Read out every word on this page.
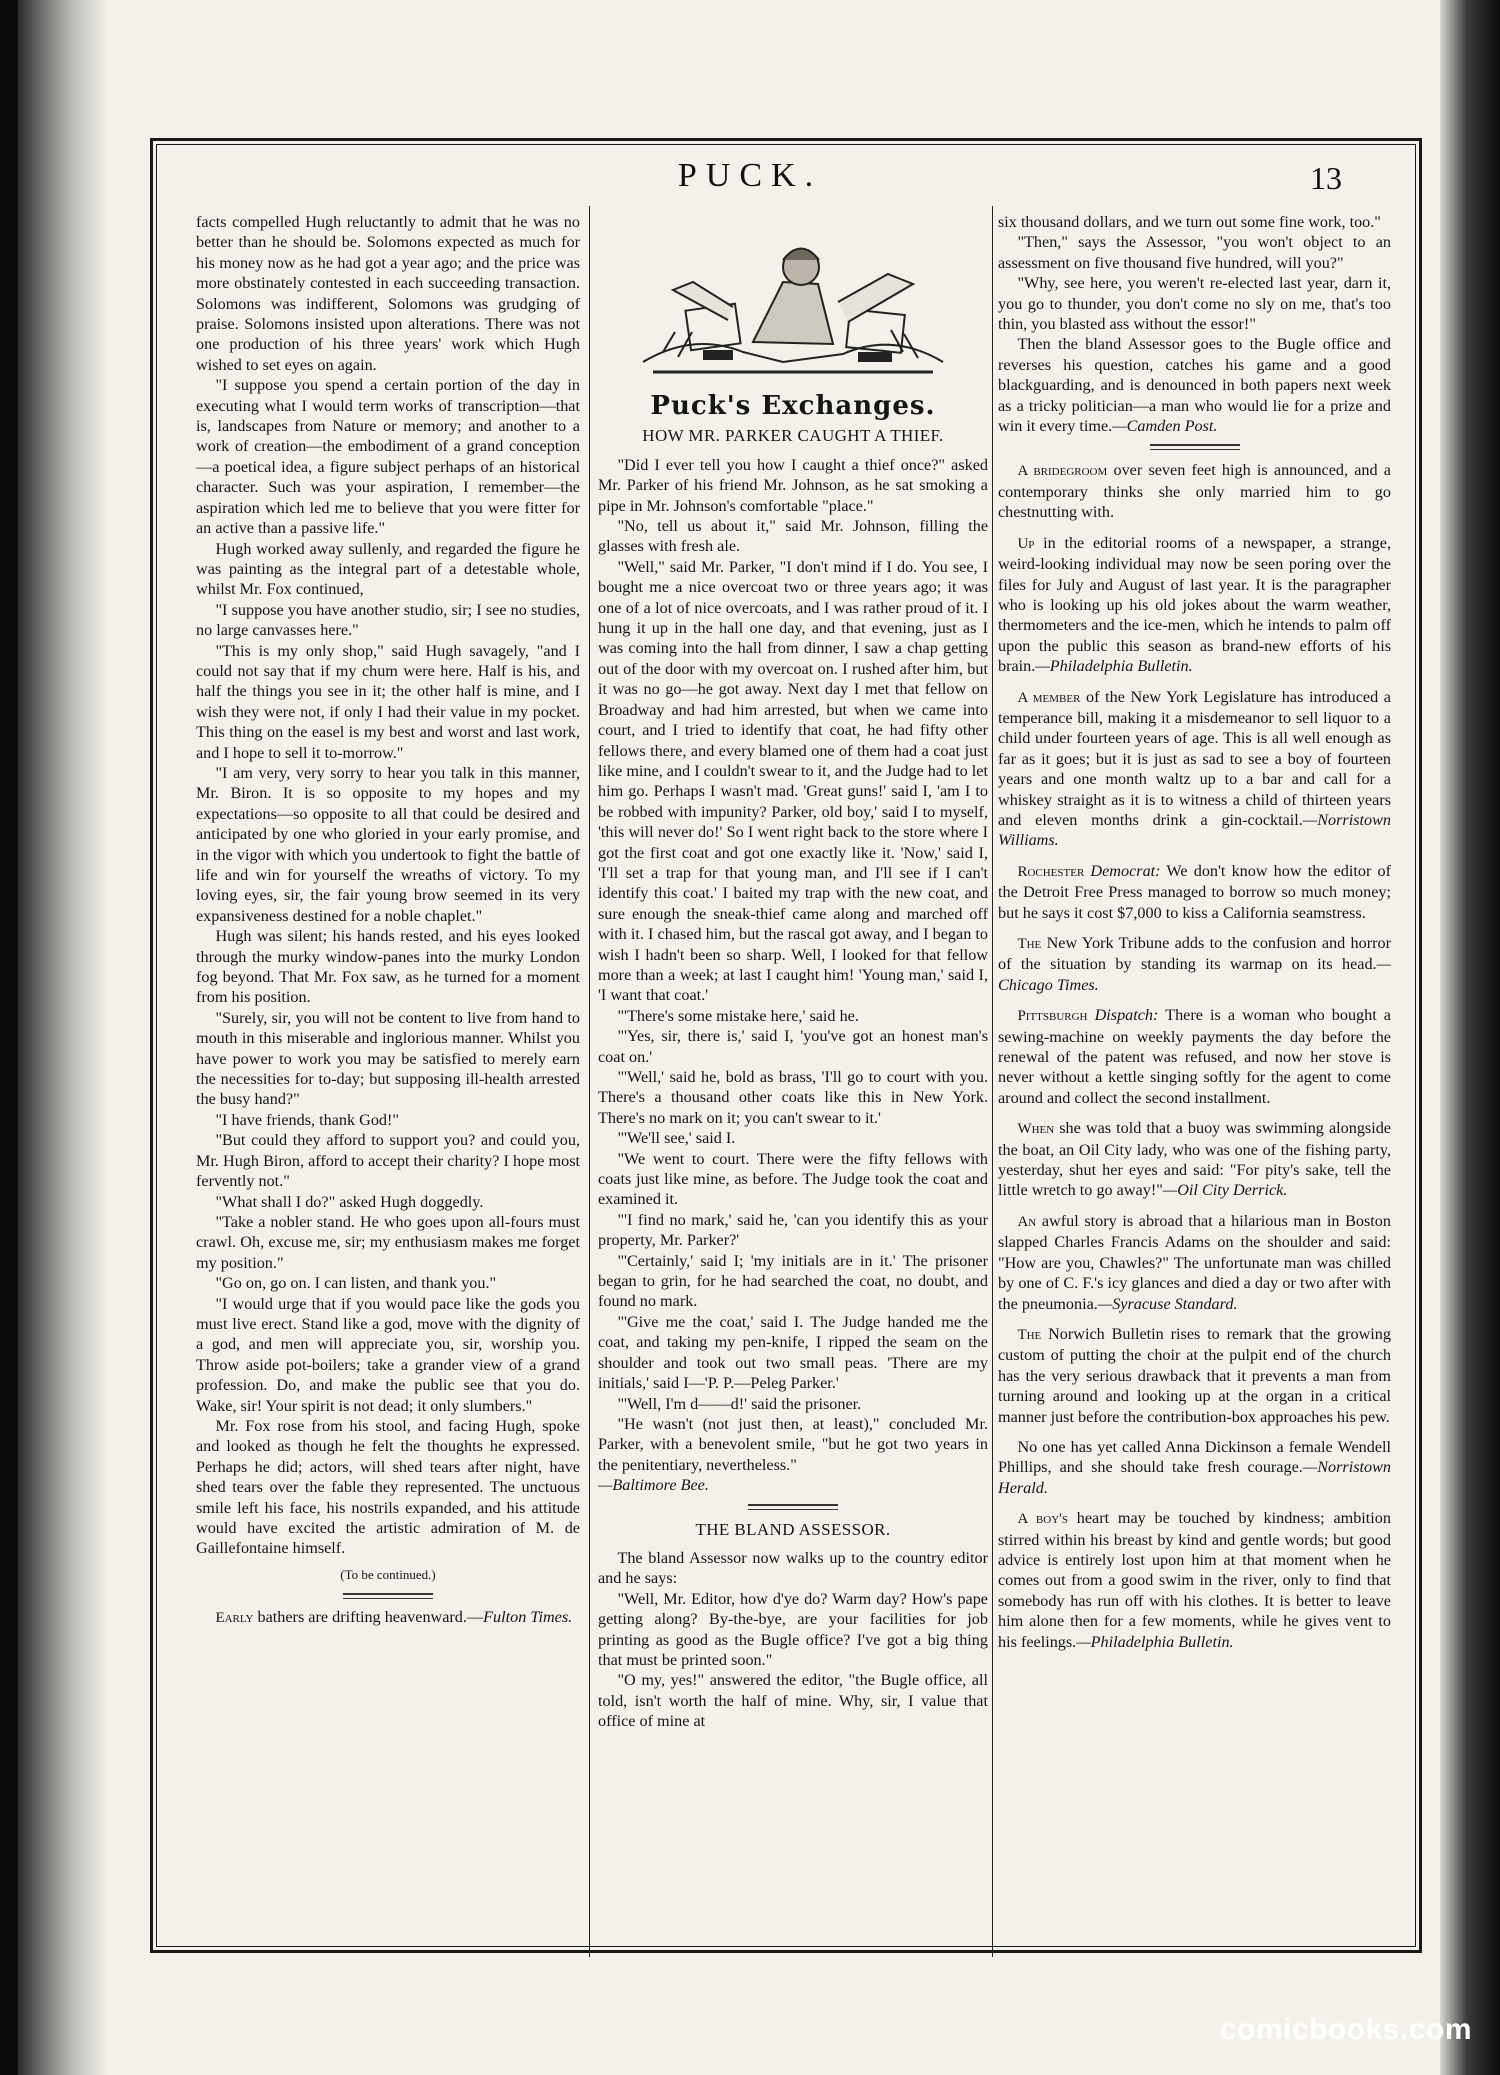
PUCK.	13

facts compelled Hugh reluctantly to admit that he was no better than he should be. Solomons expected as much for his money now as he had got a year ago; and the price was more obstinately contested in each succeeding transaction. Solomons was indifferent, Solomons was grudging of praise. Solomons insisted upon alterations. There was not one production of his three years' work which Hugh wished to set eyes on again.

"I suppose you spend a certain portion of the day in executing what I would term works of transcription—that is, landscapes from Nature or memory; and another to a work of creation—the embodiment of a grand conception—a poetical idea, a figure subject perhaps of an historical character. Such was your aspiration, I remember—the aspiration which led me to believe that you were fitter for an active than a passive life."

Hugh worked away sullenly, and regarded the figure he was painting as the integral part of a detestable whole, whilst Mr. Fox continued,

"I suppose you have another studio, sir; I see no studies, no large canvasses here."

"This is my only shop," said Hugh savagely, "and I could not say that if my chum were here. Half is his, and half the things you see in it; the other half is mine, and I wish they were not, if only I had their value in my pocket. This thing on the easel is my best and worst and last work, and I hope to sell it to-morrow."

"I am very, very sorry to hear you talk in this manner, Mr. Biron. It is so opposite to my hopes and my expectations—so opposite to all that could be desired and anticipated by one who gloried in your early promise, and in the vigor with which you undertook to fight the battle of life and win for yourself the wreaths of victory. To my loving eyes, sir, the fair young brow seemed in its very expansiveness destined for a noble chaplet."

Hugh was silent; his hands rested, and his eyes looked through the murky window-panes into the murky London fog beyond. That Mr. Fox saw, as he turned for a moment from his position.

"Surely, sir, you will not be content to live from hand to mouth in this miserable and inglorious manner. Whilst you have power to work you may be satisfied to merely earn the necessities for to-day; but supposing ill-health arrested the busy hand?"

"I have friends, thank God!"

"But could they afford to support you? and could you, Mr. Hugh Biron, afford to accept their charity? I hope most fervently not."

"What shall I do?" asked Hugh doggedly.

"Take a nobler stand. He who goes upon all-fours must crawl. Oh, excuse me, sir; my enthusiasm makes me forget my position."

"Go on, go on. I can listen, and thank you."

"I would urge that if you would pace like the gods you must live erect. Stand like a god, move with the dignity of a god, and men will appreciate you, sir, worship you. Throw aside pot-boilers; take a grander view of a grand profession. Do, and make the public see that you do. Wake, sir! Your spirit is not dead; it only slumbers."

Mr. Fox rose from his stool, and facing Hugh, spoke and looked as though he felt the thoughts he expressed. Perhaps he did; actors, will shed tears after night, have shed tears over the fable they represented. The unctuous smile left his face, his nostrils expanded, and his attitude would have excited the artistic admiration of M. de Gaillefontaine himself.

(To be continued.)

Early bathers are drifting heavenward.—Fulton Times.

Puck's Exchanges.

HOW MR. PARKER CAUGHT A THIEF.

"Did I ever tell you how I caught a thief once?" asked Mr. Parker of his friend Mr. Johnson, as he sat smoking a pipe in Mr. Johnson's comfortable "place."

"No, tell us about it," said Mr. Johnson, filling the glasses with fresh ale.

"Well," said Mr. Parker, "I don't mind if I do. You see, I bought me a nice overcoat two or three years ago; it was one of a lot of nice overcoats, and I was rather proud of it. I hung it up in the hall one day, and that evening, just as I was coming into the hall from dinner, I saw a chap getting out of the door with my overcoat on. I rushed after him, but it was no go—he got away. Next day I met that fellow on Broadway and had him arrested, but when we came into court, and I tried to identify that coat, he had fifty other fellows there, and every blamed one of them had a coat just like mine, and I couldn't swear to it, and the Judge had to let him go. Perhaps I wasn't mad. 'Great guns!' said I, 'am I to be robbed with impunity? Parker, old boy,' said I to myself, 'this will never do!' So I went right back to the store where I got the first coat and got one exactly like it. 'Now,' said I, 'I'll set a trap for that young man, and I'll see if I can't identify this coat.' I baited my trap with the new coat, and sure enough the sneak-thief came along and marched off with it. I chased him, but the rascal got away, and I began to wish I hadn't been so sharp. Well, I looked for that fellow more than a week; at last I caught him! 'Young man,' said I, 'I want that coat.'

"'There's some mistake here,' said he.

"'Yes, sir, there is,' said I, 'you've got an honest man's coat on.'

"'Well,' said he, bold as brass, 'I'll go to court with you. There's a thousand other coats like this in New York. There's no mark on it; you can't swear to it.'

"'We'll see,' said I.

"We went to court. There were the fifty fellows with coats just like mine, as before. The Judge took the coat and examined it.

"'I find no mark,' said he, 'can you identify this as your property, Mr. Parker?'

"'Certainly,' said I; 'my initials are in it.' The prisoner began to grin, for he had searched the coat, no doubt, and found no mark.

"'Give me the coat,' said I. The Judge handed me the coat, and taking my pen-knife, I ripped the seam on the shoulder and took out two small peas. 'There are my initials,' said I—'P. P.—Peleg Parker.'

"'Well, I'm d——d!' said the prisoner.

"He wasn't (not just then, at least)," concluded Mr. Parker, with a benevolent smile, "but he got two years in the penitentiary, nevertheless."

—Baltimore Bee.

THE BLAND ASSESSOR.

The bland Assessor now walks up to the country editor and he says:

"Well, Mr. Editor, how d'ye do? Warm day? How's pape getting along? By-the-bye, are your facilities for job printing as good as the Bugle office? I've got a big thing that must be printed soon."

"O my, yes!" answered the editor, "the Bugle office, all told, isn't worth the half of mine. Why, sir, I value that office of mine at

six thousand dollars, and we turn out some fine work, too."

"Then," says the Assessor, "you won't object to an assessment on five thousand five hundred, will you?"

"Why, see here, you weren't re-elected last year, darn it, you go to thunder, you don't come no sly on me, that's too thin, you blasted ass without the essor!"

Then the bland Assessor goes to the Bugle office and reverses his question, catches his game and a good blackguarding, and is denounced in both papers next week as a tricky politician—a man who would lie for a prize and win it every time.—Camden Post.

A bridegroom over seven feet high is announced, and a contemporary thinks she only married him to go chestnutting with.

Up in the editorial rooms of a newspaper, a strange, weird-looking individual may now be seen poring over the files for July and August of last year. It is the paragrapher who is looking up his old jokes about the warm weather, thermometers and the ice-men, which he intends to palm off upon the public this season as brand-new efforts of his brain.—Philadelphia Bulletin.

A member of the New York Legislature has introduced a temperance bill, making it a misdemeanor to sell liquor to a child under fourteen years of age. This is all well enough as far as it goes; but it is just as sad to see a boy of fourteen years and one month waltz up to a bar and call for a whiskey straight as it is to witness a child of thirteen years and eleven months drink a gin-cocktail.—Norristown Williams.

Rochester Democrat: We don't know how the editor of the Detroit Free Press managed to borrow so much money; but he says it cost $7,000 to kiss a California seamstress.

The New York Tribune adds to the confusion and horror of the situation by standing its warmap on its head.—Chicago Times.

Pittsburgh Dispatch: There is a woman who bought a sewing-machine on weekly payments the day before the renewal of the patent was refused, and now her stove is never without a kettle singing softly for the agent to come around and collect the second installment.

When she was told that a buoy was swimming alongside the boat, an Oil City lady, who was one of the fishing party, yesterday, shut her eyes and said: "For pity's sake, tell the little wretch to go away!"—Oil City Derrick.

An awful story is abroad that a hilarious man in Boston slapped Charles Francis Adams on the shoulder and said: "How are you, Chawles?" The unfortunate man was chilled by one of C. F.'s icy glances and died a day or two after with the pneumonia.—Syracuse Standard.

The Norwich Bulletin rises to remark that the growing custom of putting the choir at the pulpit end of the church has the very serious drawback that it prevents a man from turning around and looking up at the organ in a critical manner just before the contribution-box approaches his pew.

No one has yet called Anna Dickinson a female Wendell Phillips, and she should take fresh courage.—Norristown Herald.

A boy's heart may be touched by kindness; ambition stirred within his breast by kind and gentle words; but good advice is entirely lost upon him at that moment when he comes out from a good swim in the river, only to find that somebody has run off with his clothes. It is better to leave him alone then for a few moments, while he gives vent to his feelings.—Philadelphia Bulletin.

comicbooks.com
